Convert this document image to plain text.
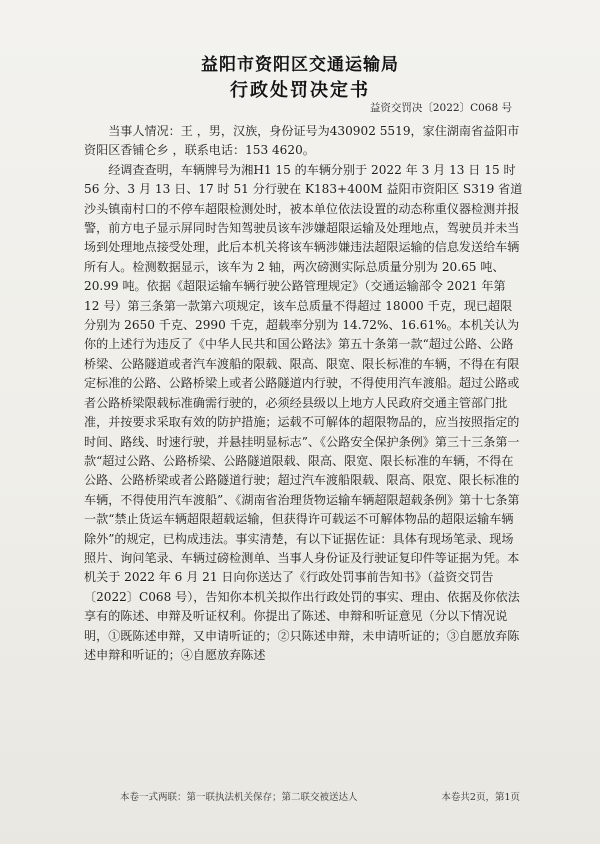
益阳市资阳区交通运输局
行政处罚决定书
益资交罚决〔2022〕C068 号

当事人情况：王 ，男，汉族，身份证号为430902 5519，家住湖南省益阳市资阳区香铺仑乡 ，联系电话：153 4620。

经调查查明，车辆牌号为湘H1 15 的车辆分别于 2022 年 3 月 13 日 15 时 56 分、3 月 13 日、17 时 51 分行驶在 K183+400M 益阳市资阳区 S319 省道沙头镇南村口的不停车超限检测处时，被本单位依法设置的动态称重仪器检测并报警，前方电子显示屏同时告知驾驶员该车涉嫌超限运输及处理地点，驾驶员并未当场到处理地点接受处理，此后本机关将该车辆涉嫌违法超限运输的信息发送给车辆所有人。检测数据显示，该车为 2 轴，两次磅测实际总质量分别为 20.65 吨、20.99 吨。依据《超限运输车辆行驶公路管理规定》（交通运输部令 2021 年第 12 号）第三条第一款第六项规定，该车总质量不得超过 18000 千克，现已超限分别为 2650 千克、2990 千克，超载率分别为 14.72%、16.61%。本机关认为你的上述行为违反了《中华人民共和国公路法》第五十条第一款“超过公路、公路桥梁、公路隧道或者汽车渡船的限载、限高、限宽、限长标准的车辆，不得在有限定标准的公路、公路桥梁上或者公路隧道内行驶，不得使用汽车渡船。超过公路或者公路桥梁限载标准确需行驶的，必须经县级以上地方人民政府交通主管部门批准，并按要求采取有效的防护措施；运载不可解体的超限物品的，应当按照指定的时间、路线、时速行驶，并悬挂明显标志”、《公路安全保护条例》第三十三条第一款“超过公路、公路桥梁、公路隧道限载、限高、限宽、限长标准的车辆，不得在公路、公路桥梁或者公路隧道行驶；超过汽车渡船限载、限高、限宽、限长标准的车辆，不得使用汽车渡船”、《湖南省治理货物运输车辆超限超载条例》第十七条第一款“禁止货运车辆超限超载运输，但获得许可载运不可解体物品的超限运输车辆除外”的规定，已构成违法。事实清楚，有以下证据佐证：具体有现场笔录、现场照片、询问笔录、车辆过磅检测单、当事人身份证及行驶证复印件等证据为凭。本机关于 2022 年 6 月 21 日向你送达了《行政处罚事前告知书》（益资交罚告〔2022〕C068 号），告知你本机关拟作出行政处罚的事实、理由、依据及你依法享有的陈述、申辩及听证权利。你提出了陈述、申辩和听证意见（分以下情况说明，①既陈述申辩，又申请听证的；②只陈述申辩，未申请听证的；③自愿放弃陈述申辩和听证的；④自愿放弃陈述

本卷一式两联：第一联执法机关保存；第二联交被送达人	本卷共2页，第1页
